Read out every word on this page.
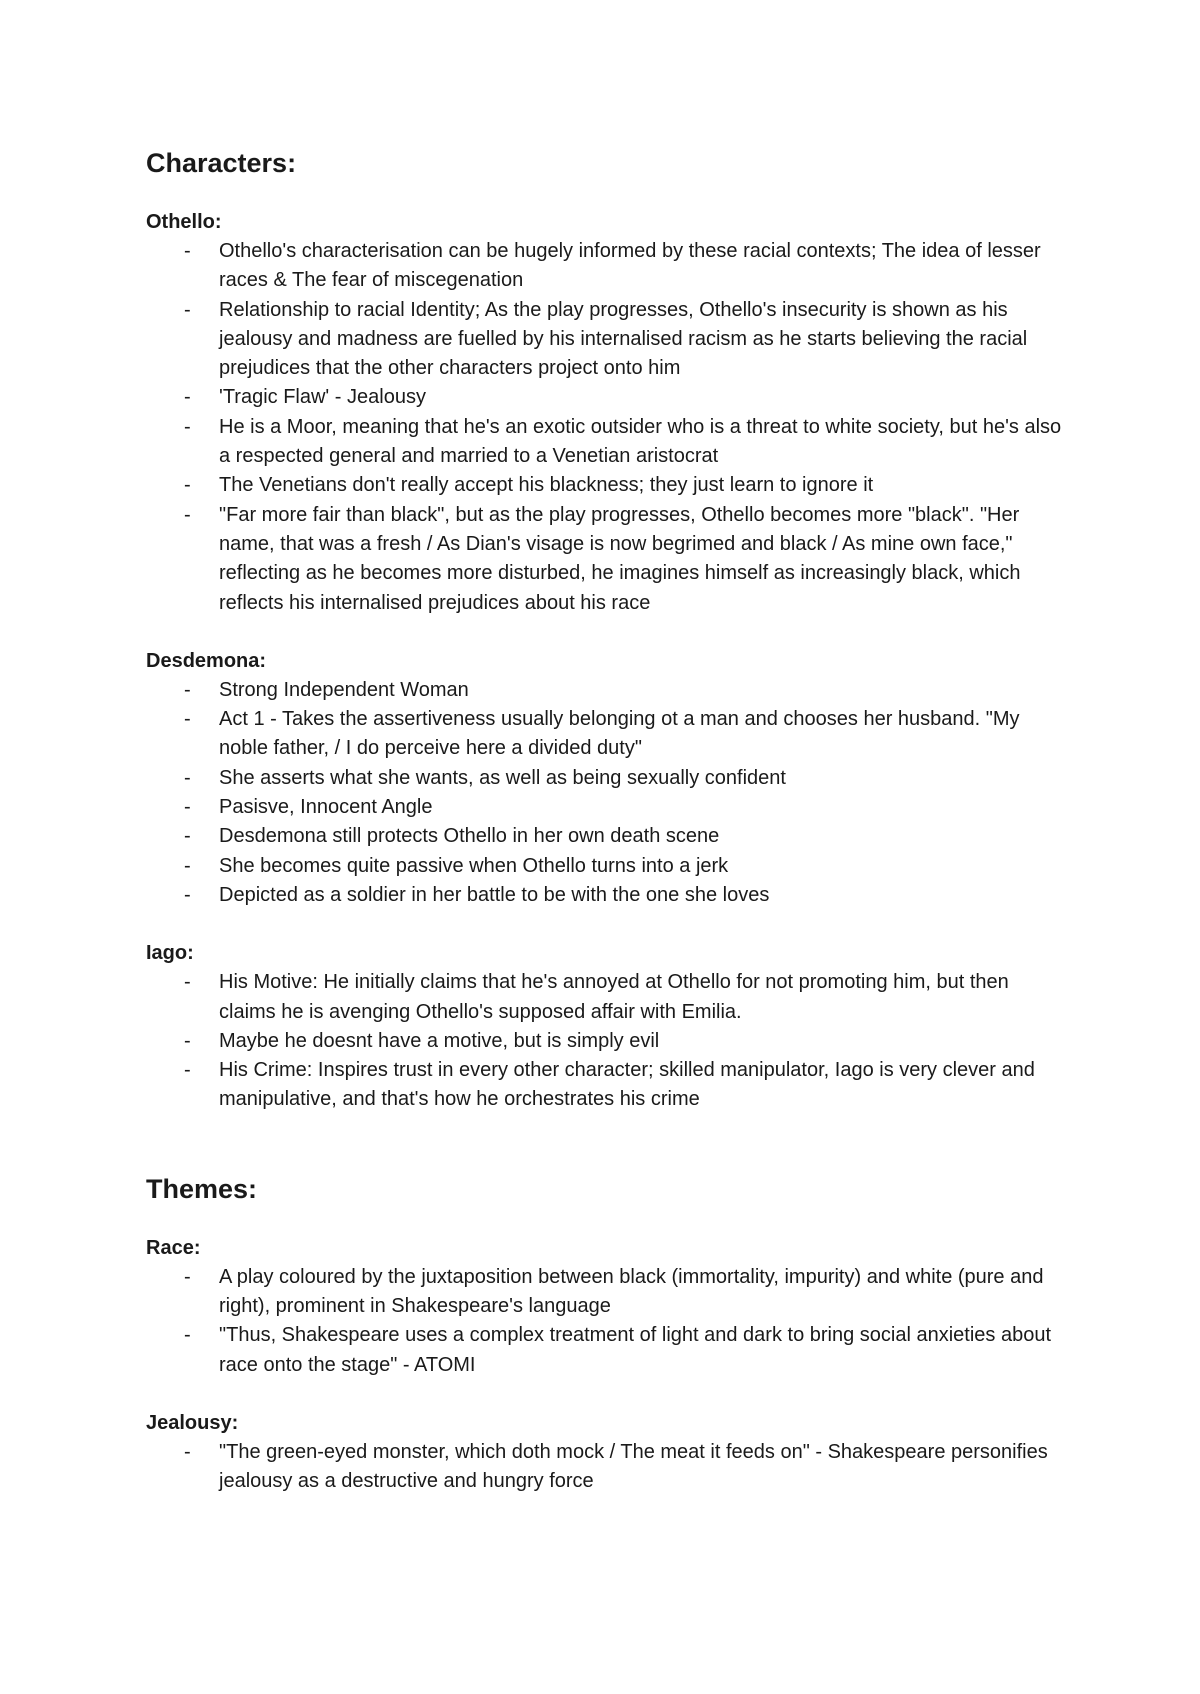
Characters:
Othello:
- Othello's characterisation can be hugely informed by these racial contexts; The idea of lesser races & The fear of miscegenation
- Relationship to racial Identity; As the play progresses, Othello's insecurity is shown as his jealousy and madness are fuelled by his internalised racism as he starts believing the racial prejudices that the other characters project onto him
- 'Tragic Flaw' - Jealousy
- He is a Moor, meaning that he's an exotic outsider who is a threat to white society, but he's also a respected general and married to a Venetian aristocrat
- The Venetians don't really accept his blackness; they just learn to ignore it
- "Far more fair than black", but as the play progresses, Othello becomes more "black". "Her name, that was a fresh / As Dian's visage is now begrimed and black / As mine own face," reflecting as he becomes more disturbed, he imagines himself as increasingly black, which reflects his internalised prejudices about his race
Desdemona:
- Strong Independent Woman
- Act 1 - Takes the assertiveness usually belonging ot a man and chooses her husband. "My noble father, / I do perceive here a divided duty"
- She asserts what she wants, as well as being sexually confident
- Pasisve, Innocent Angle
- Desdemona still protects Othello in her own death scene
- She becomes quite passive when Othello turns into a jerk
- Depicted as a soldier in her battle to be with the one she loves
Iago:
- His Motive: He initially claims that he's annoyed at Othello for not promoting him, but then claims he is avenging Othello's supposed affair with Emilia.
- Maybe he doesnt have a motive, but is simply evil
- His Crime: Inspires trust in every other character; skilled manipulator, Iago is very clever and manipulative, and that's how he orchestrates his crime
Themes:
Race:
- A play coloured by the juxtaposition between black (immortality, impurity) and white (pure and right), prominent in Shakespeare's language
- "Thus, Shakespeare uses a complex treatment of light and dark to bring social anxieties about race onto the stage" - ATOMI
Jealousy:
- "The green-eyed monster, which doth mock / The meat it feeds on" - Shakespeare personifies jealousy as a destructive and hungry force
